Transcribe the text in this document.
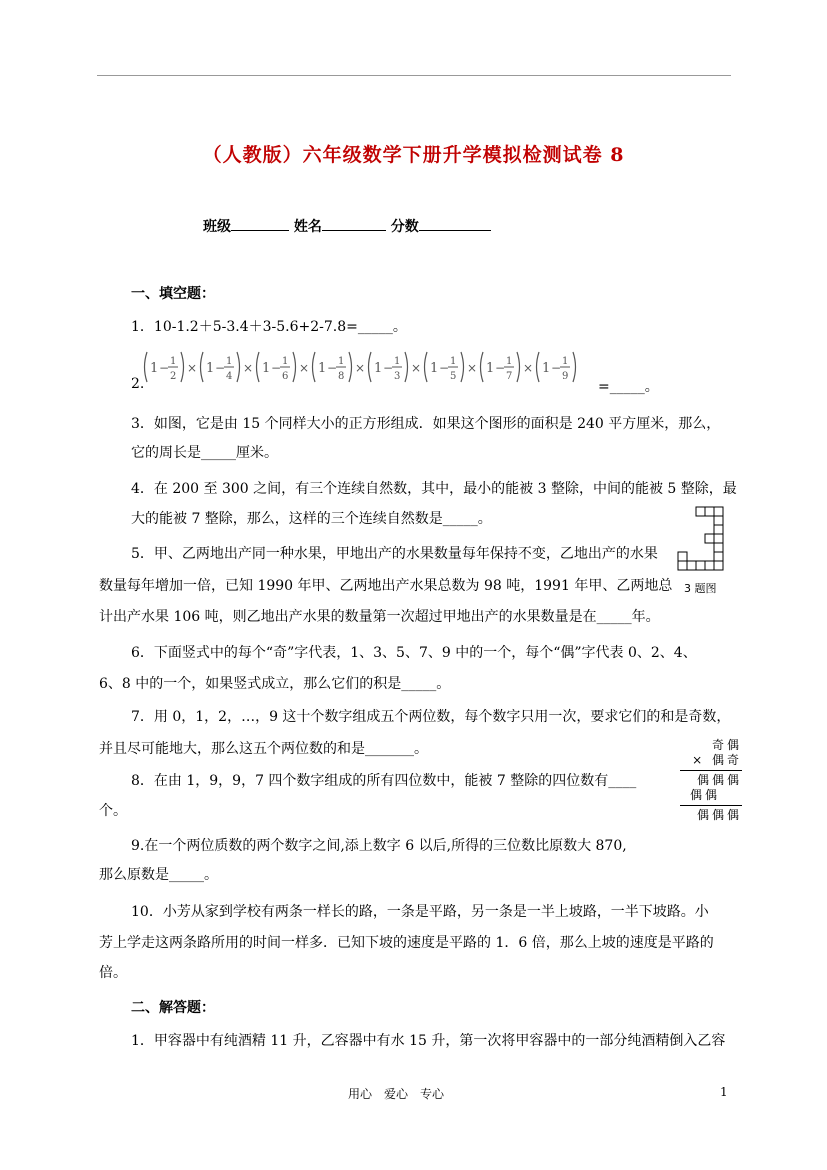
（人教版）六年级数学下册升学模拟检测试卷 8
班级	姓名	分数
一、填空题：
1．10-1.2＋5-3.4＋3-5.6+2-7.8=_____。
2.
1 − 1
2
× 1 − 1
4
× 1 − 1
6
× 1 − 1
8
× 1 − 1
3
× 1 − 1
5
× 1 − 1
7
× 1 − 1
9
=_____。
3．如图，它是由 15 个同样大小的正方形组成．如果这个图形的面积是 240 平方厘米，那么，
它的周长是_____厘米。
4．在 200 至 300 之间，有三个连续自然数，其中，最小的能被 3 整除，中间的能被 5 整除，最
大的能被 7 整除，那么，这样的三个连续自然数是_____。
3 题图
5．甲、乙两地出产同一种水果，甲地出产的水果数量每年保持不变，乙地出产的水果
数量每年增加一倍，已知 1990 年甲、乙两地出产水果总数为 98 吨，1991 年甲、乙两地总
计出产水果 106 吨，则乙地出产水果的数量第一次超过甲地出产的水果数量是在_____年。
6．下面竖式中的每个“奇”字代表，1、3、5、7、9 中的一个，每个“偶”字代表 0、2、4、
6、8 中的一个，如果竖式成立，那么它们的积是_____。
7．用 0，1，2，…，9 这十个数字组成五个两位数，每个数字只用一次，要求它们的和是奇数，
并且尽可能地大，那么这五个两位数的和是_______。	奇偶
× 偶奇
偶偶偶
偶偶
偶偶偶
8．在由 1，9，9，7 四个数字组成的所有四位数中，能被 7 整除的四位数有____
个。
9.在一个两位质数的两个数字之间,添上数字 6 以后,所得的三位数比原数大 870,
那么原数是_____。
10．小芳从家到学校有两条一样长的路，一条是平路，另一条是一半上坡路，一半下坡路。小
芳上学走这两条路所用的时间一样多．已知下坡的速度是平路的 1．6 倍，那么上坡的速度是平路的
倍。
二、解答题：
1．甲容器中有纯酒精 11 升，乙容器中有水 15 升，第一次将甲容器中的一部分纯酒精倒入乙容
用心　爱心　专心	1
